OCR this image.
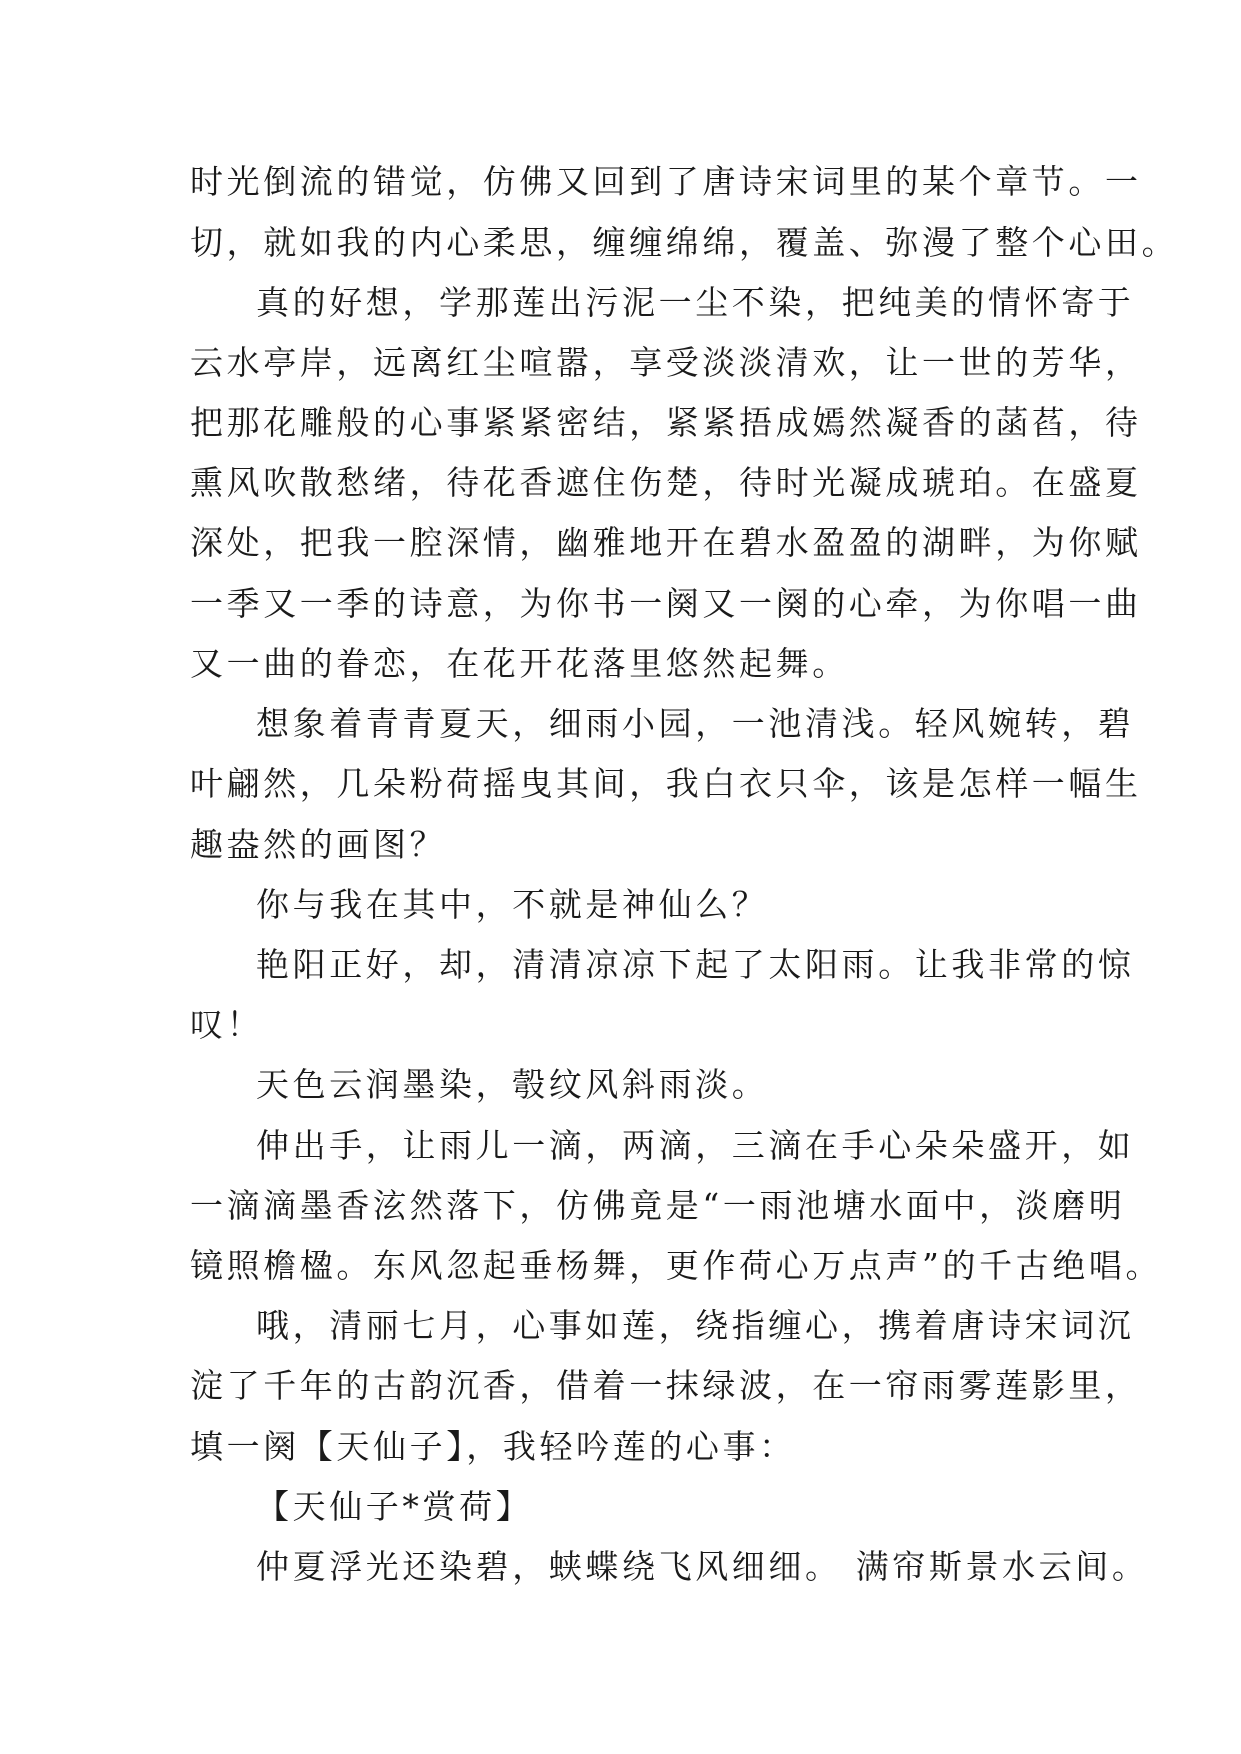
时光倒流的错觉，仿佛又回到了唐诗宋词里的某个章节。一
切，就如我的内心柔思，缠缠绵绵，覆盖、弥漫了整个心田。
真的好想，学那莲出污泥一尘不染，把纯美的情怀寄于
云水亭岸，远离红尘喧嚣，享受淡淡清欢，让一世的芳华，
把那花雕般的心事紧紧密结，紧紧捂成嫣然凝香的菡萏，待
熏风吹散愁绪，待花香遮住伤楚，待时光凝成琥珀。在盛夏
深处，把我一腔深情，幽雅地开在碧水盈盈的湖畔，为你赋
一季又一季的诗意，为你书一阕又一阕的心牵，为你唱一曲
又一曲的眷恋，在花开花落里悠然起舞。
想象着青青夏天，细雨小园，一池清浅。轻风婉转，碧
叶翩然，几朵粉荷摇曳其间，我白衣只伞，该是怎样一幅生
趣盎然的画图？
你与我在其中，不就是神仙么？
艳阳正好，却，清清凉凉下起了太阳雨。让我非常的惊
叹！
天色云润墨染，彀纹风斜雨淡。
伸出手，让雨儿一滴，两滴，三滴在手心朵朵盛开，如
一滴滴墨香泫然落下，仿佛竟是“一雨池塘水面中，淡磨明
镜照檐楹。东风忽起垂杨舞，更作荷心万点声”的千古绝唱。
哦，清丽七月，心事如莲，绕指缠心，携着唐诗宋词沉
淀了千年的古韵沉香，借着一抹绿波，在一帘雨雾莲影里，
填一阕【天仙子】，我轻吟莲的心事：
【天仙子*赏荷】
仲夏浮光还染碧，蛱蝶绕飞风细细。 满帘斯景水云间。
